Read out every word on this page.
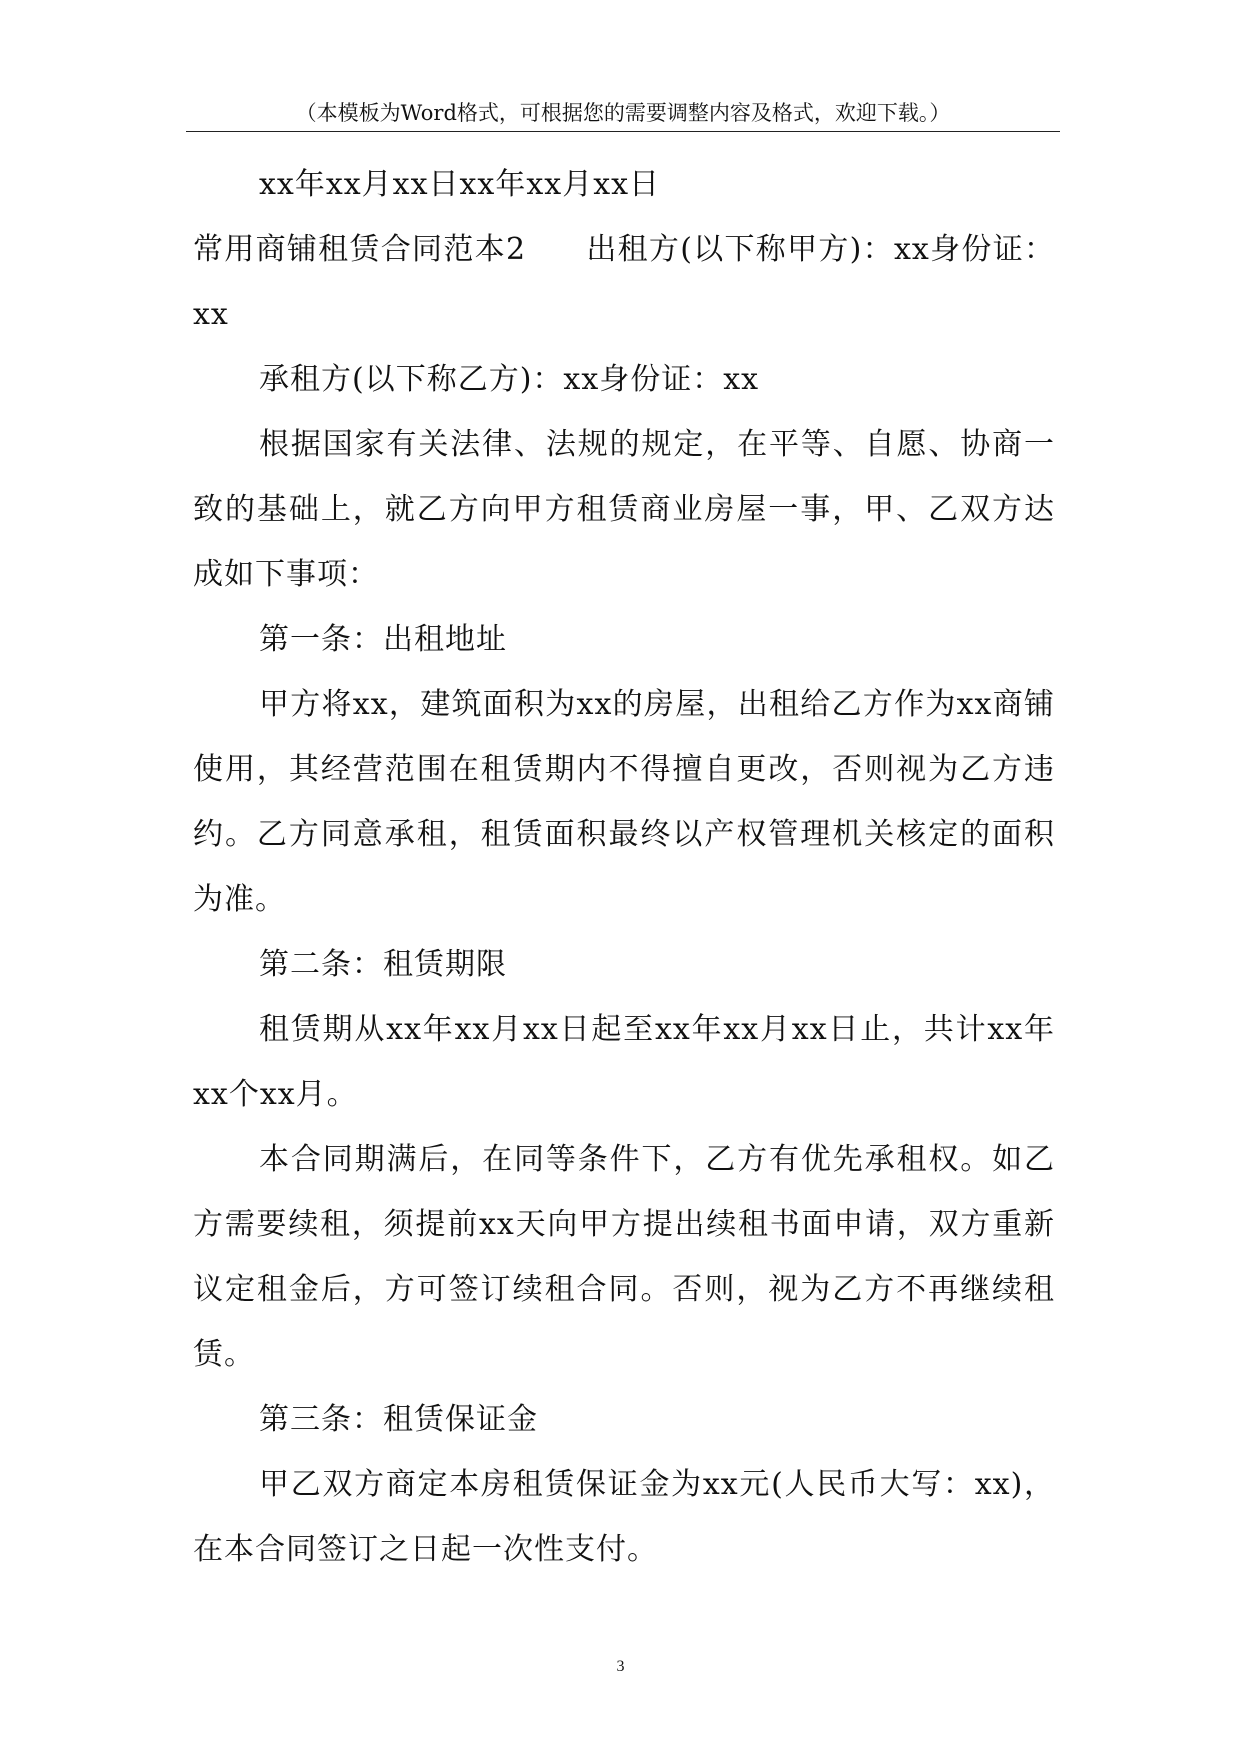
（本模板为Word格式，可根据您的需要调整内容及格式，欢迎下载。）

xx年xx月xx日xx年xx月xx日

常用商铺租赁合同范本2 出租方(以下称甲方)：xx身份证：xx

承租方(以下称乙方)：xx身份证：xx

根据国家有关法律、法规的规定，在平等、自愿、协商一致的基础上，就乙方向甲方租赁商业房屋一事，甲、乙双方达成如下事项：

第一条：出租地址

甲方将xx，建筑面积为xx的房屋，出租给乙方作为xx商铺使用，其经营范围在租赁期内不得擅自更改，否则视为乙方违约。乙方同意承租，租赁面积最终以产权管理机关核定的面积为准。

第二条：租赁期限

租赁期从xx年xx月xx日起至xx年xx月xx日止，共计xx年xx个xx月。

本合同期满后，在同等条件下，乙方有优先承租权。如乙方需要续租，须提前xx天向甲方提出续租书面申请，双方重新议定租金后，方可签订续租合同。否则，视为乙方不再继续租赁。

第三条：租赁保证金

甲乙双方商定本房租赁保证金为xx元(人民币大写：xx)，在本合同签订之日起一次性支付。

3
